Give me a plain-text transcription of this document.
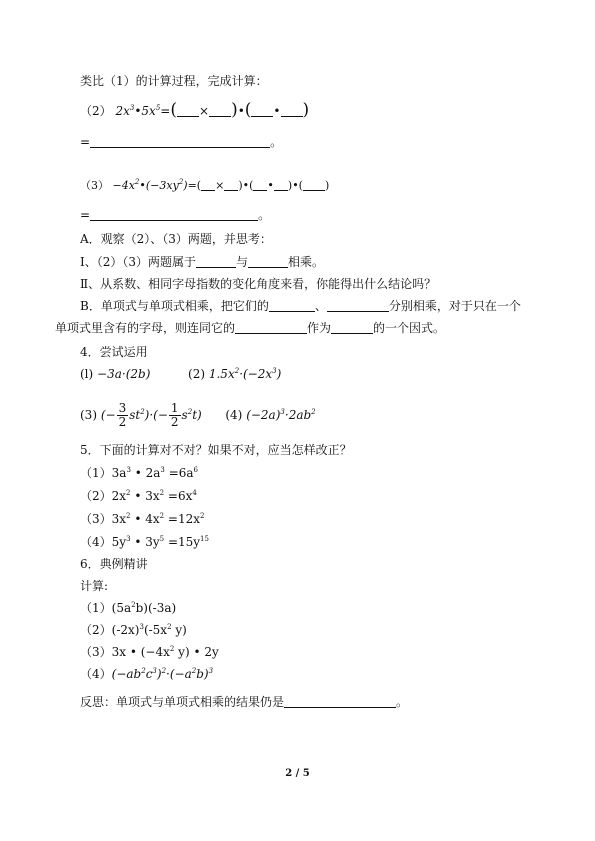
类比（1）的计算过程，完成计算：
（2） $2x^3•5x^5=$( × )•( • )
=	。
$(3) -4x^2•(-3xy^2)=$( × )•( • )•( )
=	。
A．观察（2）、（3）两题，并思考：
Ⅰ、（2）（3）两题属于	与	相乘。
Ⅱ、从系数、相同字母指数的变化角度来看，你能得出什么结论吗？
B．单项式与单项式相乘，把它们的	、	分别相乘，对于只在一个
单项式里含有的字母，则连同它的	作为	的一个因式。
4．尝试运用
(l) −3a·(2b)	(2) $1.5x^2\cdot(-2x^3)$
(3) (− $\frac{3}{2} st^2)\cdot(- \frac{1}{2} s^2t)$ (4) $(-2a)^3\cdot 2ab^2$
5．下面的计算对不对？如果不对，应当怎样改正？
$(1)3a^3$ • $2a^3 =6a^6$
$(2)2x^2$ • $3x^2 =6x^4$
$(3)3x^2$ • $4x^2 =12x^2$
$(4)5y^3$ • $3y^5 =15y^{15}$
6．典例精讲
计算:
$(1)(5a^2b)(-3a)$
$(2)(-2x)^3(-5x^2$ y)
（3）3x • ($-4x^2$ y) • 2y
$(4)(-ab^2c^3)^2\cdot(-a^2b)^3$
反思：单项式与单项式相乘的结果仍是	。
2 / 5
